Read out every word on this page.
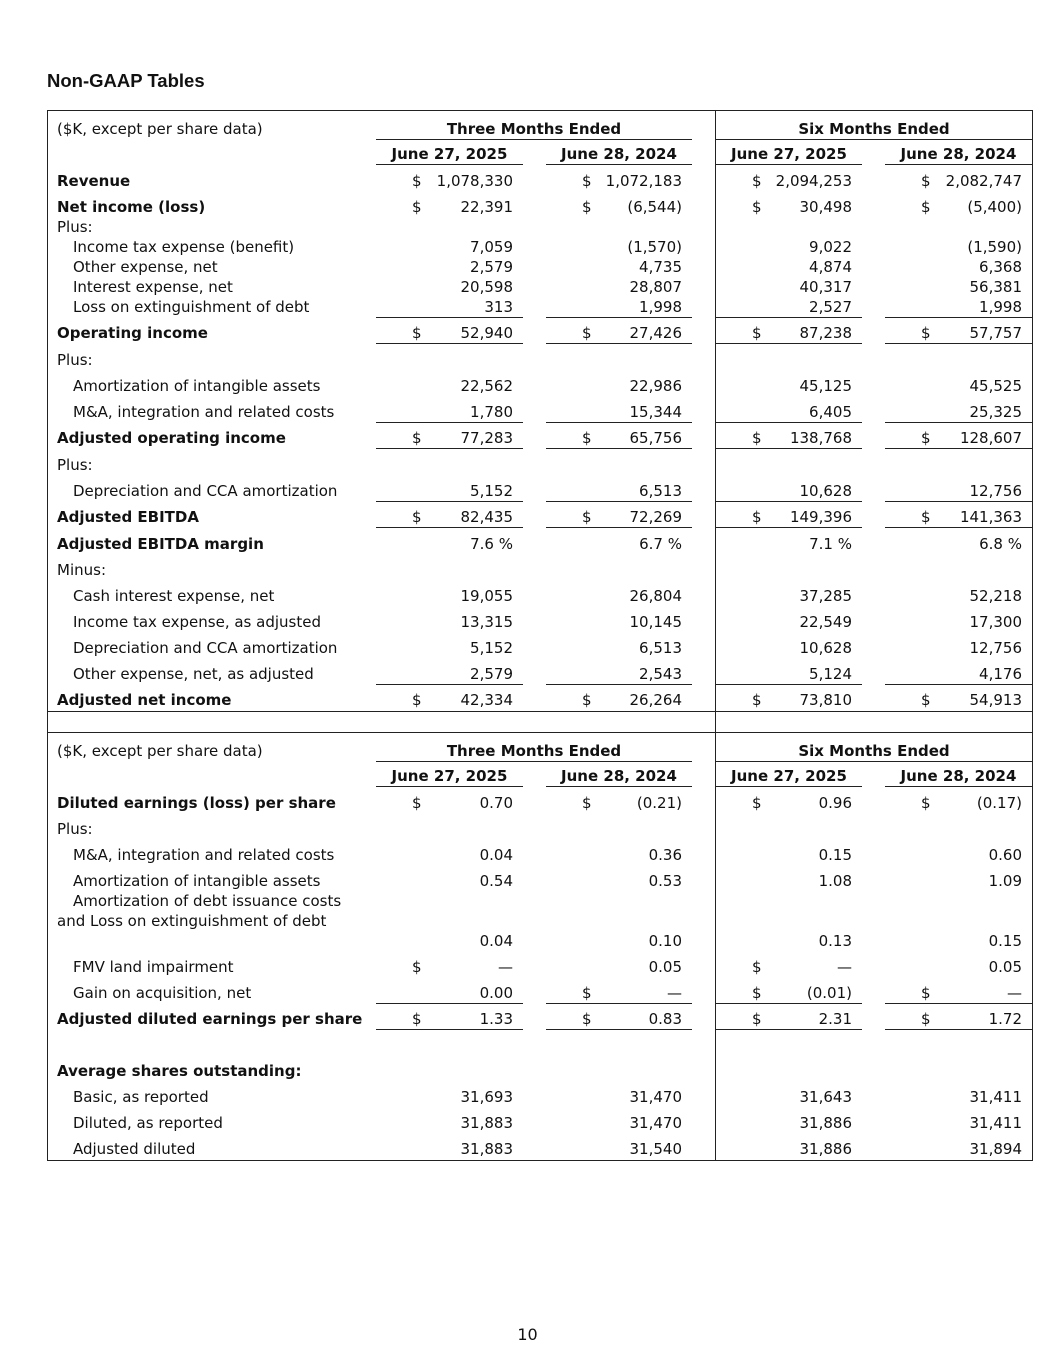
Non-GAAP Tables
($K, except per share data)	Three Months Ended	Six Months Ended
June 27, 2025	June 28, 2024	June 27, 2025	June 28, 2024
Revenue	$ 1,078,330	$ 1,072,183	$ 2,094,253	$ 2,082,747
Net income (loss)	$	22,391	$ (6,544)	$	30,498	$ (5,400)
Plus:
Income tax expense (benefit)	7,059	(1,570)	9,022	(1,590)
Other expense, net	2,579	4,735	4,874	6,368
Interest expense, net	20,598	28,807	40,317	56,381
Loss on extinguishment of debt	313	1,998	2,527	1,998
Operating income	$	52,940	$	27,426	$	87,238	$	57,757
Plus:
Amortization of intangible assets	22,562	22,986	45,125	45,525
M&A, integration and related costs	1,780	15,344	6,405	25,325
Adjusted operating income	$	77,283	$	65,756	$ 138,768	$ 128,607
Plus:
Depreciation and CCA amortization	5,152	6,513	10,628	12,756
Adjusted EBITDA	$	82,435	$	72,269	$ 149,396	$ 141,363
Adjusted EBITDA margin	7.6 %	6.7 %	7.1 %	6.8 %
Minus:
Cash interest expense, net	19,055	26,804	37,285	52,218
Income tax expense, as adjusted	13,315	10,145	22,549	17,300
Depreciation and CCA amortization	5,152	6,513	10,628	12,756
Other expense, net, as adjusted	2,579	2,543	5,124	4,176
Adjusted net income	$	42,334	$	26,264	$	73,810	$	54,913
($K, except per share data)	Three Months Ended	Six Months Ended
June 27, 2025	June 28, 2024	June 27, 2025	June 28, 2024
Diluted earnings (loss) per share	$	0.70	$	(0.21)	$	0.96	$	(0.17)
Plus:
M&A, integration and related costs	0.04	0.36	0.15	0.60
Amortization of intangible assets	0.54	0.53	1.08	1.09
Amortization of debt issuance costs and Loss on extinguishment of debt
0.04	0.10	0.13	0.15
FMV land impairment	$	—	0.05	$	—	0.05
Gain on acquisition, net	0.00	$	—	$	(0.01)	$	—
Adjusted diluted earnings per share	$	1.33	$	0.83	$	2.31	$	1.72
Average shares outstanding:
Basic, as reported	31,693	31,470	31,643	31,411
Diluted, as reported	31,883	31,470	31,886	31,411
Adjusted diluted	31,883	31,540	31,886	31,894
10
